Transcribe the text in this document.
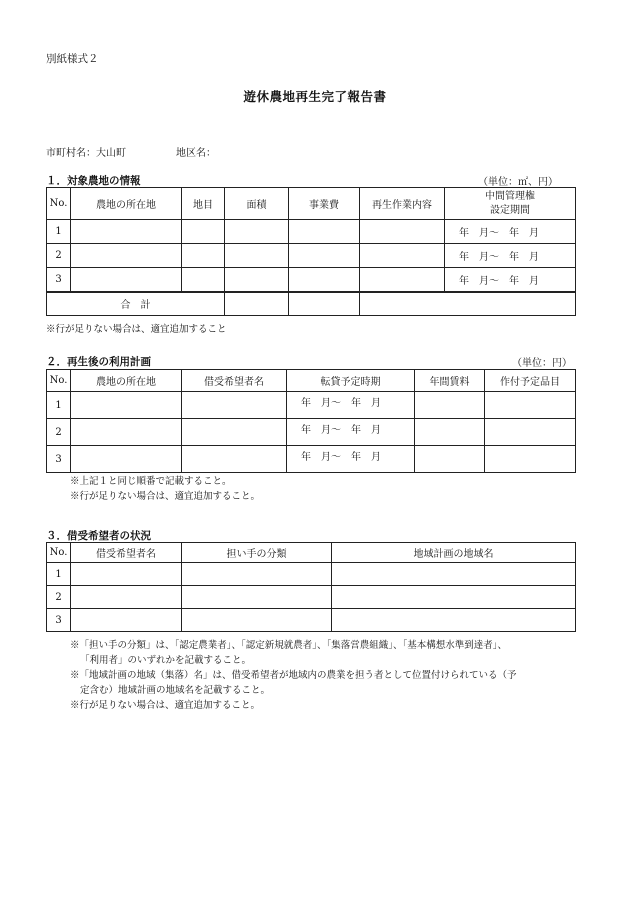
別紙様式２
遊休農地再生完了報告書
市町村名：大山町	地区名：
１．対象農地の情報	（単位：㎡、円）
No.	農地の所在地	地目	面積	事業費	再生作業内容	中間管理権
設定期間
1						年　月～　年　月
2						年　月～　年　月
3						年　月～　年　月
合　計						
※行が足りない場合は、適宜追加すること
２．再生後の利用計画	（単位：円）
No.	農地の所在地	借受希望者名	転貸予定時期	年間賃料	作付予定品目
1			年　月～　年　月		
2			年　月～　年　月		
3			年　月～　年　月		
※上記１と同じ順番で記載すること。
※行が足りない場合は、適宜追加すること。
３．借受希望者の状況
No.	借受希望者名	担い手の分類	地域計画の地域名
1			
2			
3			
※「担い手の分類」は、「認定農業者」、「認定新規就農者」、「集落営農組織」、「基本構想水準到達者」、
「利用者」のいずれかを記載すること。
※「地域計画の地域（集落）名」は、借受希望者が地域内の農業を担う者として位置付けられている（予
定含む）地域計画の地域名を記載すること。
※行が足りない場合は、適宜追加すること。
